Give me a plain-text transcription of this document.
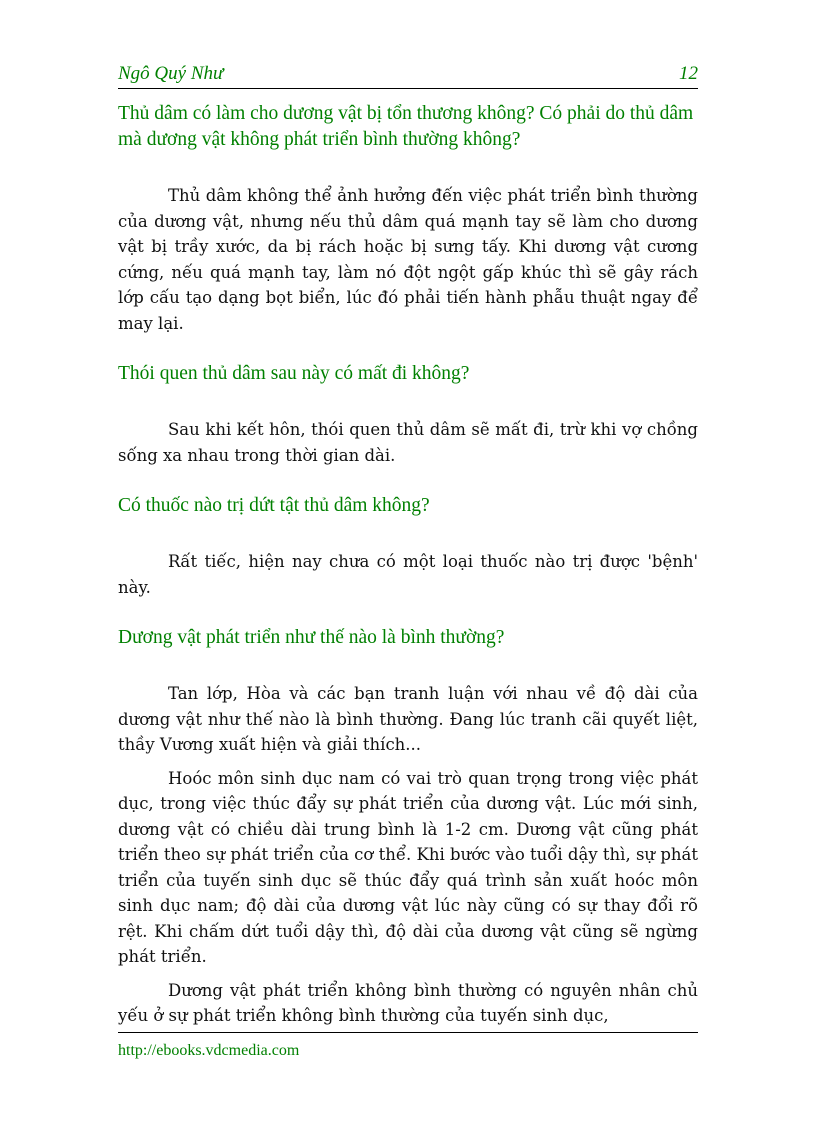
Ngô Quý Như	12

Thủ dâm có làm cho dương vật bị tổn thương không? Có phải do thủ dâm mà dương vật không phát triển bình thường không?

Thủ dâm không thể ảnh hưởng đến việc phát triển bình thường của dương vật, nhưng nếu thủ dâm quá mạnh tay sẽ làm cho dương vật bị trầy xước, da bị rách hoặc bị sưng tấy. Khi dương vật cương cứng, nếu quá mạnh tay, làm nó đột ngột gấp khúc thì sẽ gây rách lớp cấu tạo dạng bọt biển, lúc đó phải tiến hành phẫu thuật ngay để may lại.

Thói quen thủ dâm sau này có mất đi không?

Sau khi kết hôn, thói quen thủ dâm sẽ mất đi, trừ khi vợ chồng sống xa nhau trong thời gian dài.

Có thuốc nào trị dứt tật thủ dâm không?

Rất tiếc, hiện nay chưa có một loại thuốc nào trị được 'bệnh' này.

Dương vật phát triển như thế nào là bình thường?

Tan lớp, Hòa và các bạn tranh luận với nhau về độ dài của dương vật như thế nào là bình thường. Đang lúc tranh cãi quyết liệt, thầy Vương xuất hiện và giải thích...

Hoóc môn sinh dục nam có vai trò quan trọng trong việc phát dục, trong việc thúc đẩy sự phát triển của dương vật. Lúc mới sinh, dương vật có chiều dài trung bình là 1-2 cm. Dương vật cũng phát triển theo sự phát triển của cơ thể. Khi bước vào tuổi dậy thì, sự phát triển của tuyến sinh dục sẽ thúc đẩy quá trình sản xuất hoóc môn sinh dục nam; độ dài của dương vật lúc này cũng có sự thay đổi rõ rệt. Khi chấm dứt tuổi dậy thì, độ dài của dương vật cũng sẽ ngừng phát triển.

Dương vật phát triển không bình thường có nguyên nhân chủ yếu ở sự phát triển không bình thường của tuyến sinh dục,

http://ebooks.vdcmedia.com
